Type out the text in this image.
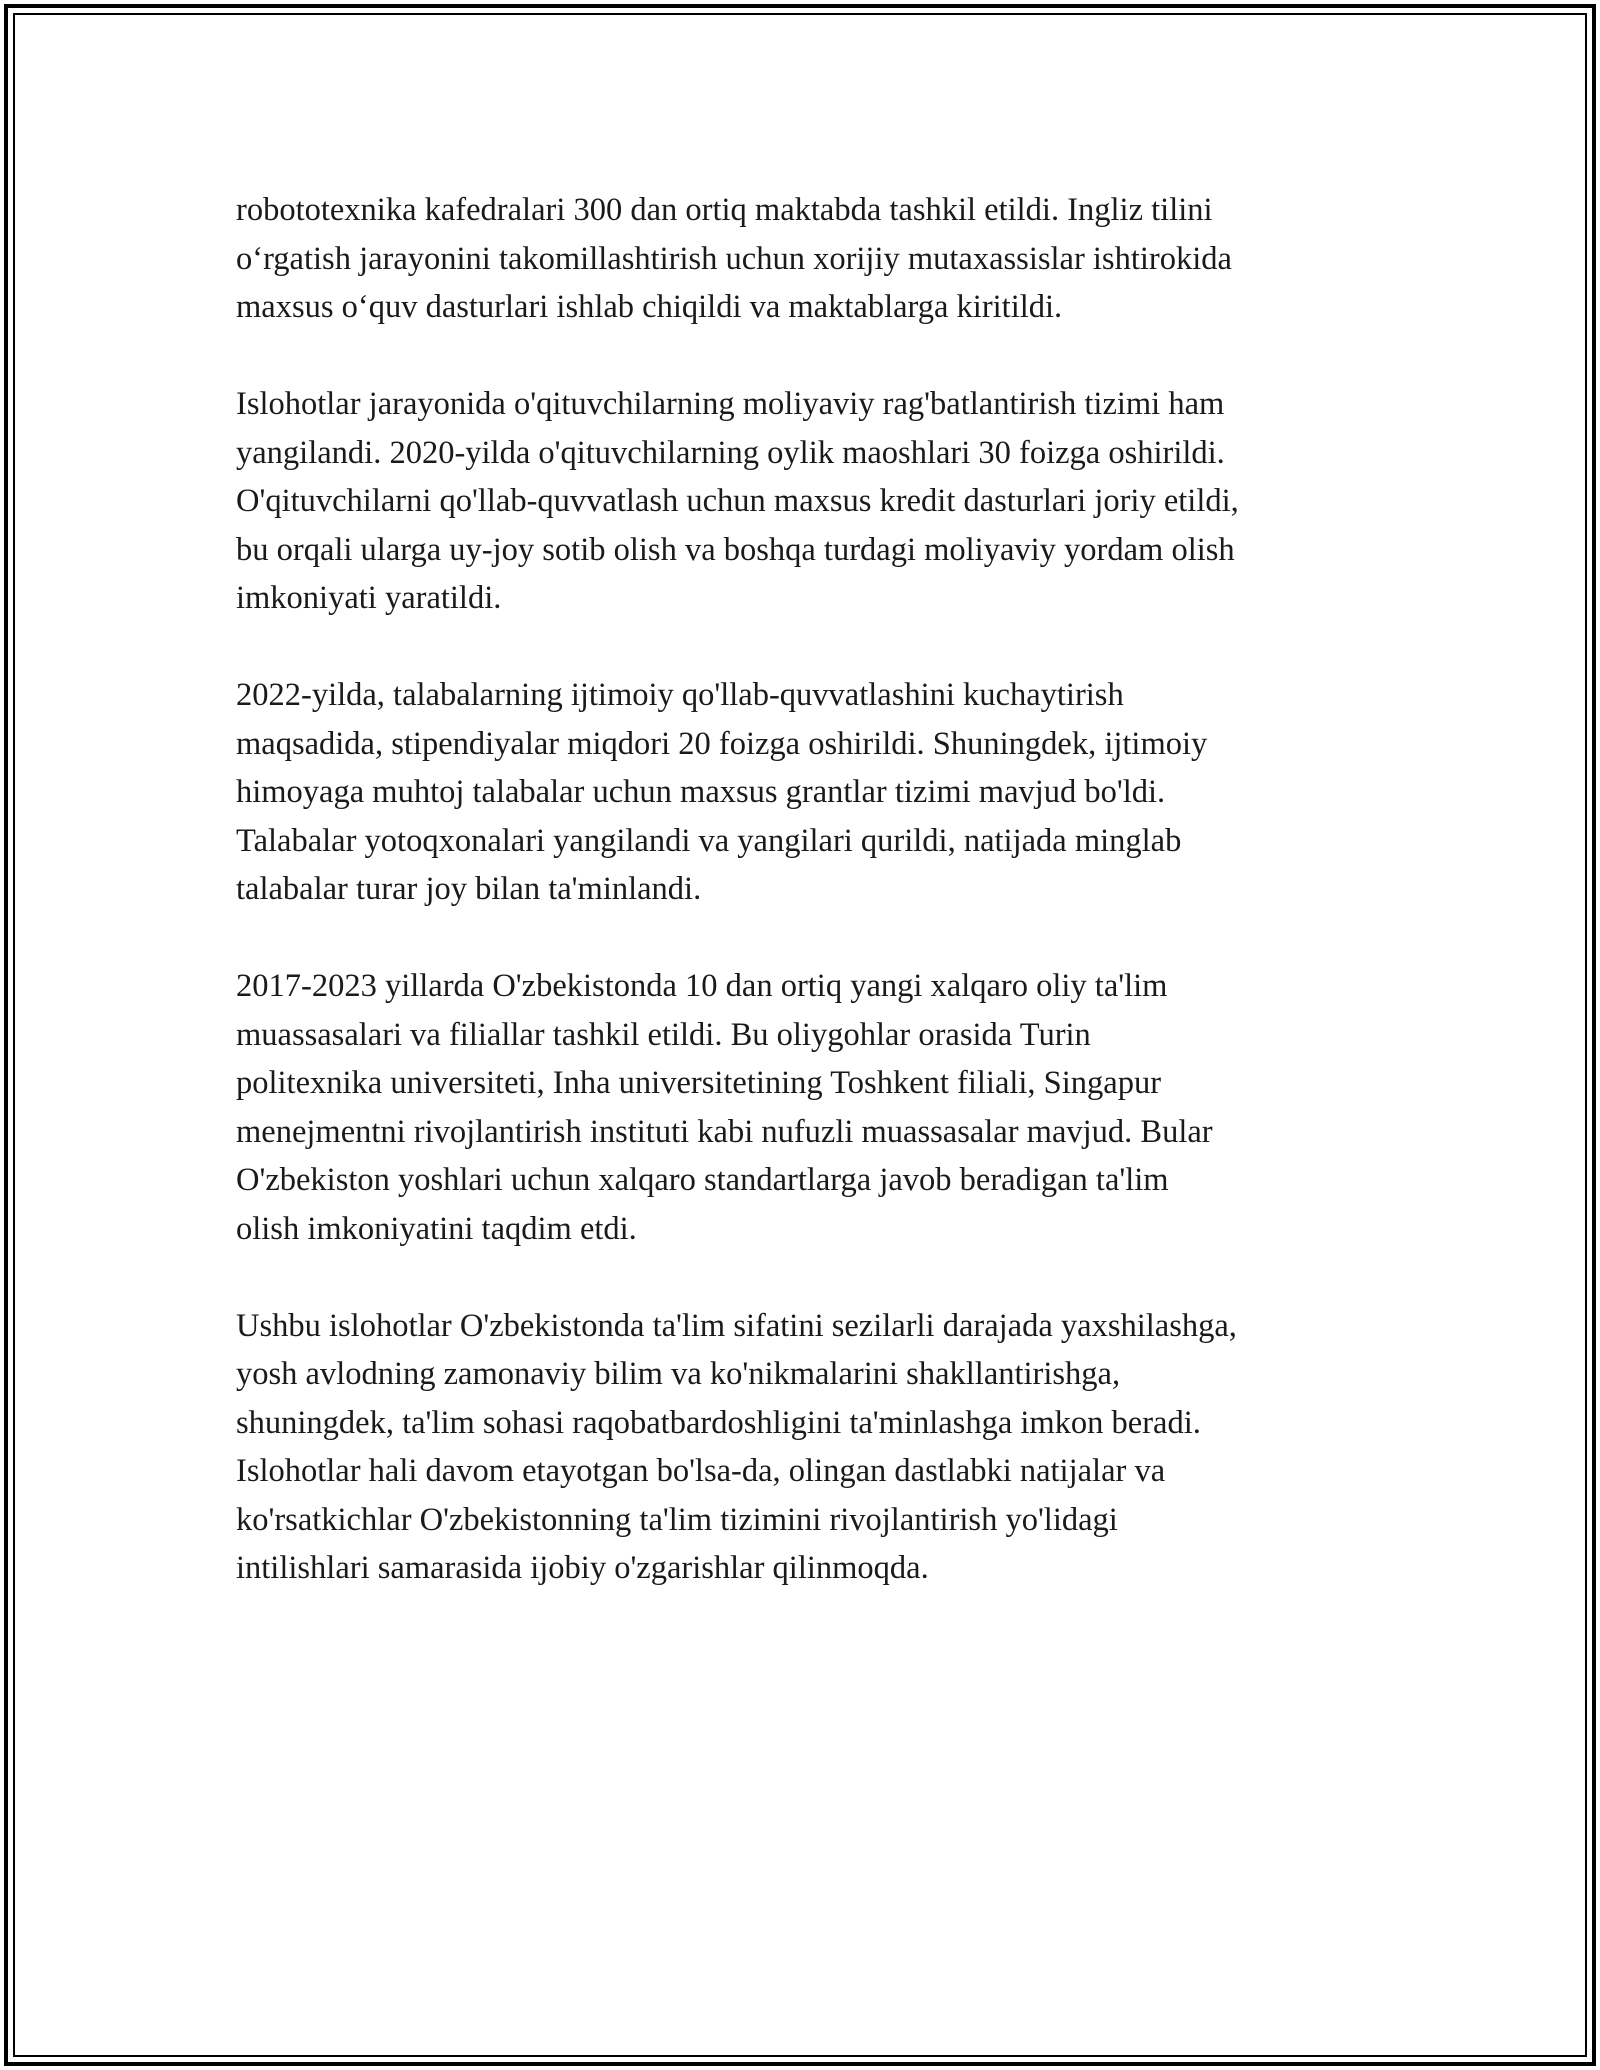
robototexnika kafedralari 300 dan ortiq maktabda tashkil etildi. Ingliz tilini
o‘rgatish jarayonini takomillashtirish uchun xorijiy mutaxassislar ishtirokida
maxsus o‘quv dasturlari ishlab chiqildi va maktablarga kiritildi.

Islohotlar jarayonida o'qituvchilarning moliyaviy rag'batlantirish tizimi ham
yangilandi. 2020-yilda o'qituvchilarning oylik maoshlari 30 foizga oshirildi.
O'qituvchilarni qo'llab-quvvatlash uchun maxsus kredit dasturlari joriy etildi,
bu orqali ularga uy-joy sotib olish va boshqa turdagi moliyaviy yordam olish
imkoniyati yaratildi.

2022-yilda, talabalarning ijtimoiy qo'llab-quvvatlashini kuchaytirish
maqsadida, stipendiyalar miqdori 20 foizga oshirildi. Shuningdek, ijtimoiy
himoyaga muhtoj talabalar uchun maxsus grantlar tizimi mavjud bo'ldi.
Talabalar yotoqxonalari yangilandi va yangilari qurildi, natijada minglab
talabalar turar joy bilan ta'minlandi.

2017-2023 yillarda O'zbekistonda 10 dan ortiq yangi xalqaro oliy ta'lim
muassasalari va filiallar tashkil etildi. Bu oliygohlar orasida Turin
politexnika universiteti, Inha universitetining Toshkent filiali, Singapur
menejmentni rivojlantirish instituti kabi nufuzli muassasalar mavjud. Bular
O'zbekiston yoshlari uchun xalqaro standartlarga javob beradigan ta'lim
olish imkoniyatini taqdim etdi.

Ushbu islohotlar O'zbekistonda ta'lim sifatini sezilarli darajada yaxshilashga,
yosh avlodning zamonaviy bilim va ko'nikmalarini shakllantirishga,
shuningdek, ta'lim sohasi raqobatbardoshligini ta'minlashga imkon beradi.
Islohotlar hali davom etayotgan bo'lsa-da, olingan dastlabki natijalar va
ko'rsatkichlar O'zbekistonning ta'lim tizimini rivojlantirish yo'lidagi
intilishlari samarasida ijobiy o'zgarishlar qilinmoqda.
